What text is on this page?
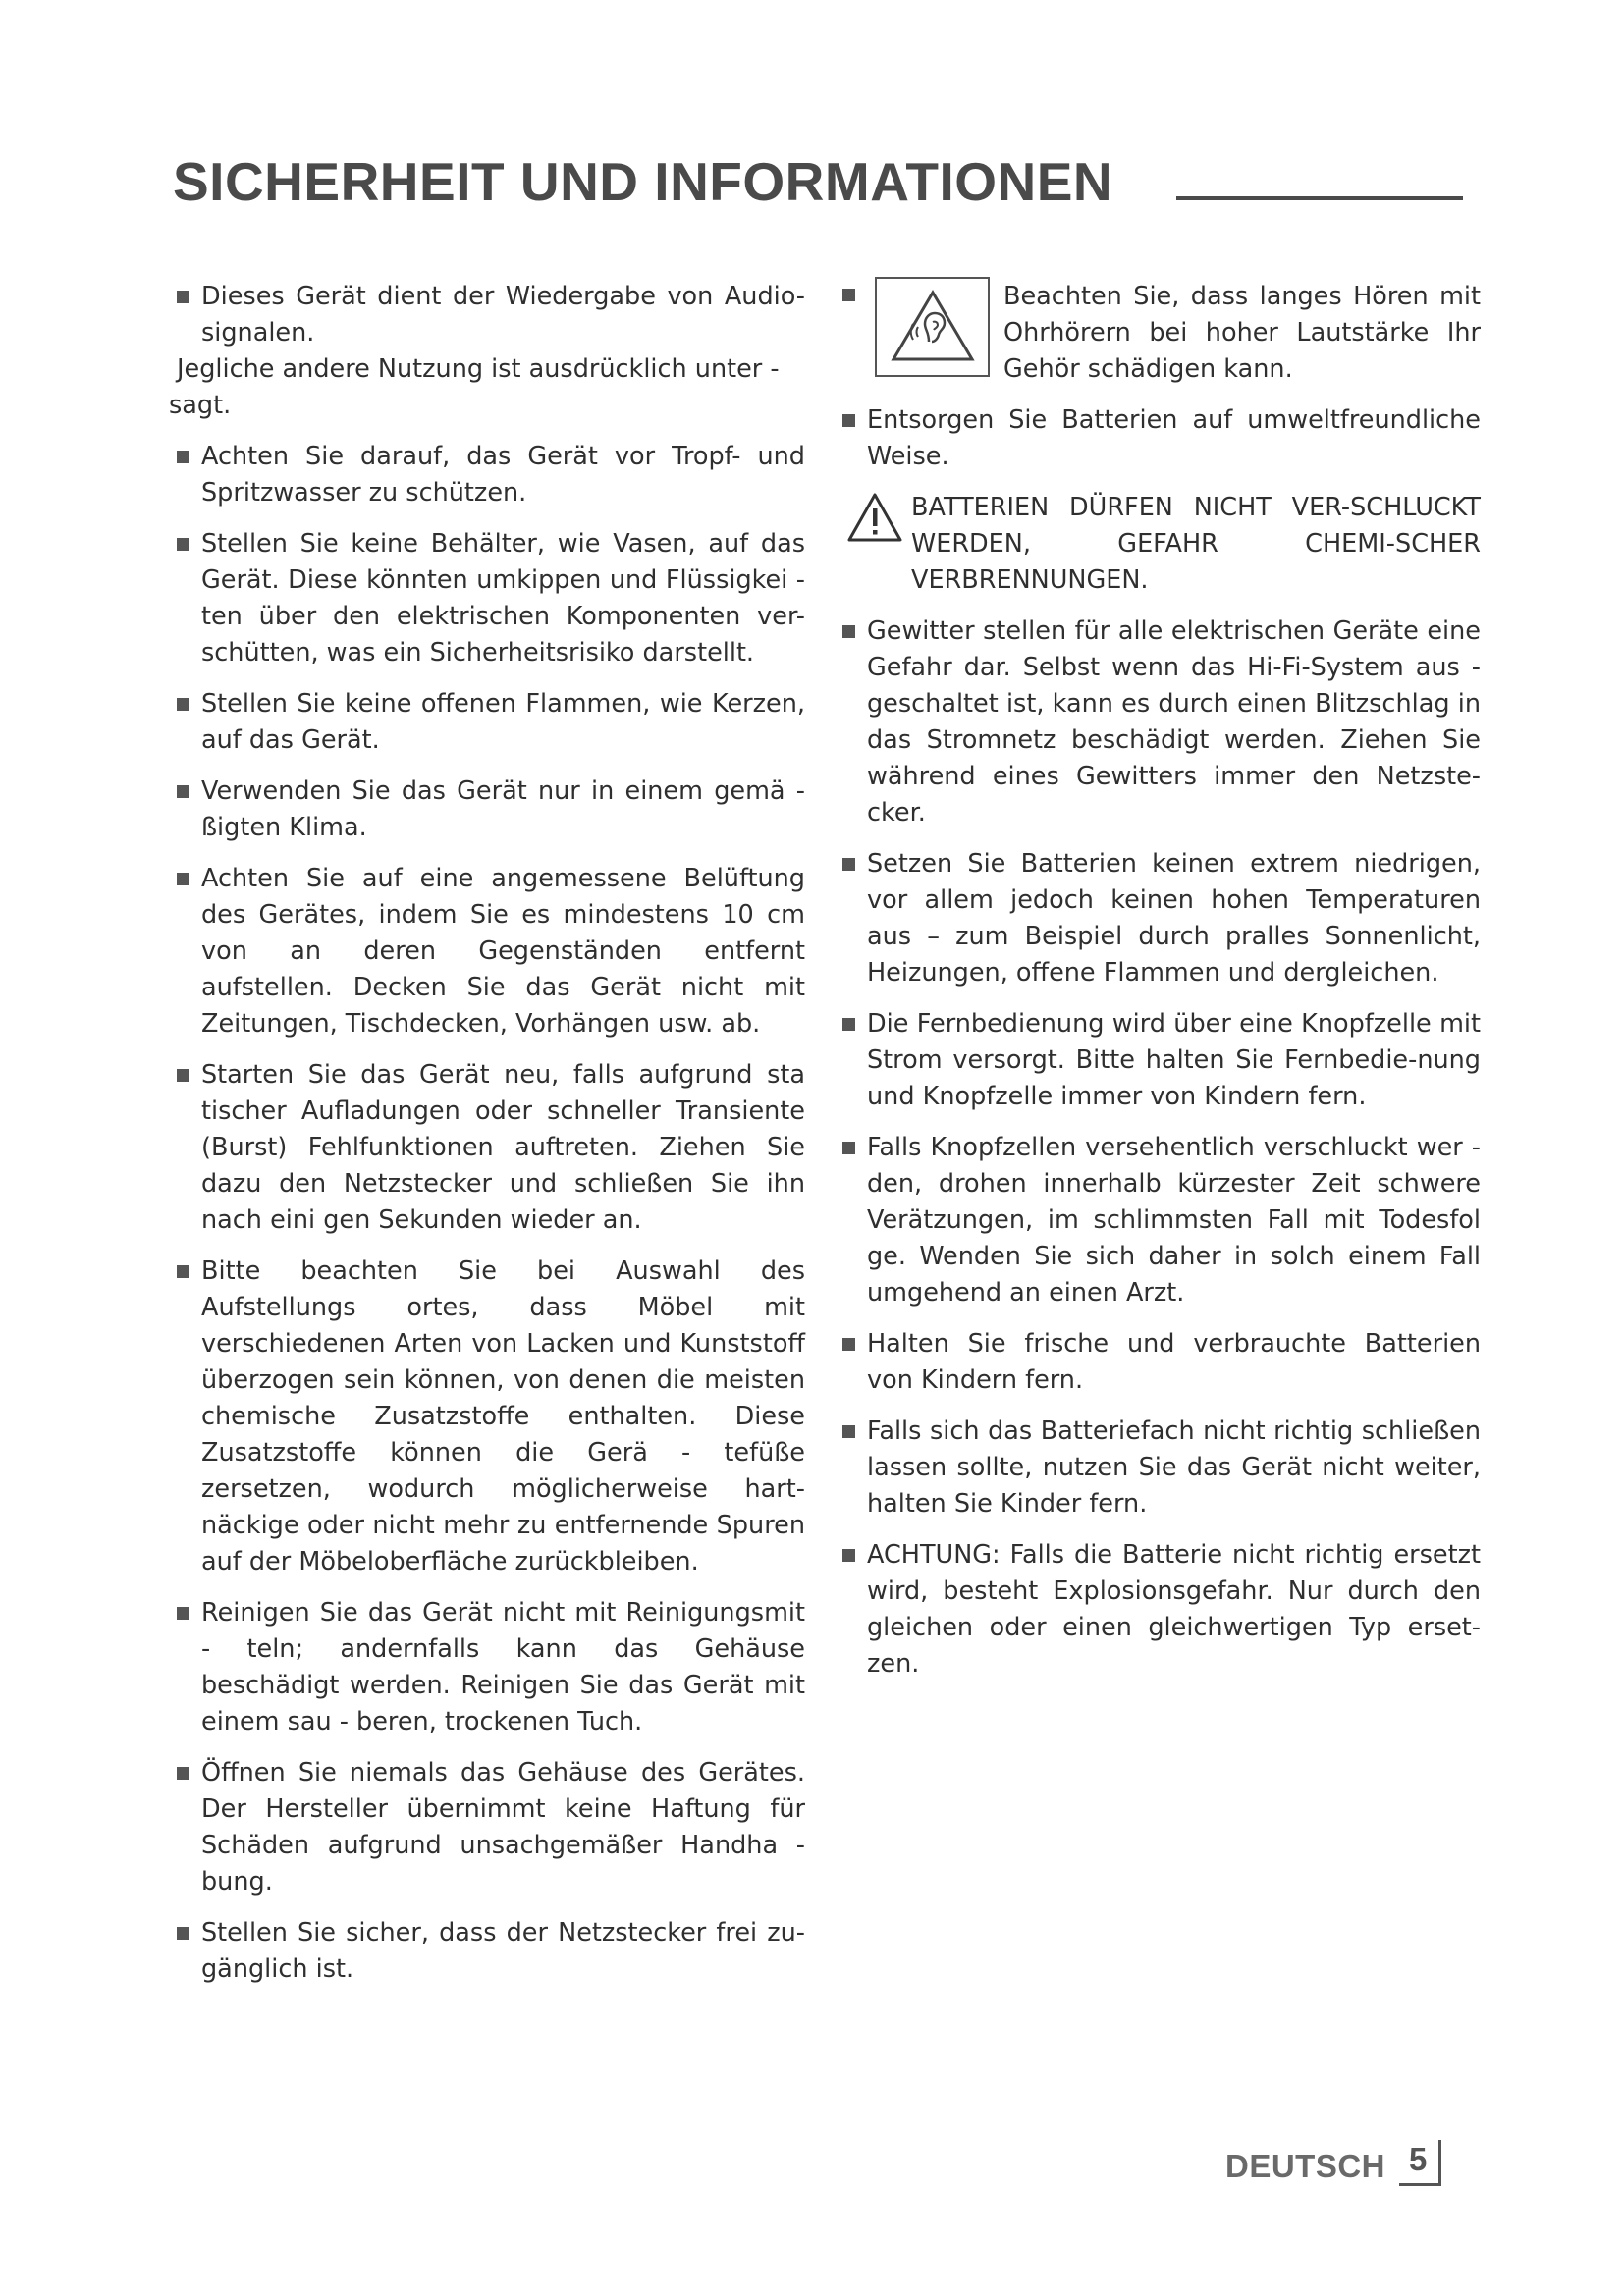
SICHERHEIT UND INFORMATIONEN
Dieses Gerät dient der Wiedergabe von Audio-signalen.
Jegliche andere Nutzung ist ausdrücklich unter -
sagt.
Achten Sie darauf, das Gerät vor Tropf- und Spritzwasser zu schützen.
Stellen Sie keine Behälter, wie Vasen, auf das Gerät. Diese könnten umkippen und Flüssigkei - ten über den elektrischen Komponenten ver-schütten, was ein Sicherheitsrisiko darstellt.
Stellen Sie keine offenen Flammen, wie Kerzen, auf das Gerät.
Verwenden Sie das Gerät nur in einem gemä - ßigten Klima.
Achten Sie auf eine angemessene Belüftung des Gerätes, indem Sie es mindestens 10 cm von an deren Gegenständen entfernt aufstellen. Decken Sie das Gerät nicht mit Zeitungen, Tischdecken, Vorhängen usw. ab.
Starten Sie das Gerät neu, falls aufgrund sta tischer Aufladungen oder schneller Transiente (Burst) Fehlfunktionen auftreten. Ziehen Sie dazu den Netzstecker und schließen Sie ihn nach eini gen Sekunden wieder an.
Bitte beachten Sie bei Auswahl des Aufstellungs ortes, dass Möbel mit verschiedenen Arten von Lacken und Kunststoff überzogen sein können, von denen die meisten chemische Zusatzstoffe enthalten. Diese Zusatzstoffe können die Gerä - tefüße zersetzen, wodurch möglicherweise hart-näckige oder nicht mehr zu entfernende Spuren auf der Möbeloberfläche zurückbleiben.
Reinigen Sie das Gerät nicht mit Reinigungsmit - teln; andernfalls kann das Gehäuse beschädigt werden. Reinigen Sie das Gerät mit einem sau - beren, trockenen Tuch.
Öffnen Sie niemals das Gehäuse des Gerätes. Der Hersteller übernimmt keine Haftung für Schäden aufgrund unsachgemäßer Handha - bung.
Stellen Sie sicher, dass der Netzstecker frei zu-gänglich ist.
Beachten Sie, dass langes Hören mit Ohrhörern bei hoher Lautstärke Ihr Gehör schädigen kann.
Entsorgen Sie Batterien auf umweltfreundliche Weise.
BATTERIEN DÜRFEN NICHT VER-SCHLUCKT WERDEN, GEFAHR CHEMI-SCHER VERBRENNUNGEN.
Gewitter stellen für alle elektrischen Geräte eine Gefahr dar. Selbst wenn das Hi-Fi-System aus - geschaltet ist, kann es durch einen Blitzschlag in das Stromnetz beschädigt werden. Ziehen Sie während eines Gewitters immer den Netzste-cker.
Setzen Sie Batterien keinen extrem niedrigen, vor allem jedoch keinen hohen Temperaturen aus – zum Beispiel durch pralles Sonnenlicht, Heizungen, offene Flammen und dergleichen.
Die Fernbedienung wird über eine Knopfzelle mit Strom versorgt. Bitte halten Sie Fernbedie-nung und Knopfzelle immer von Kindern fern.
Falls Knopfzellen versehentlich verschluckt wer - den, drohen innerhalb kürzester Zeit schwere Verätzungen, im schlimmsten Fall mit Todesfol ge. Wenden Sie sich daher in solch einem Fall umgehend an einen Arzt.
Halten Sie frische und verbrauchte Batterien von Kindern fern.
Falls sich das Batteriefach nicht richtig schließen lassen sollte, nutzen Sie das Gerät nicht weiter, halten Sie Kinder fern.
ACHTUNG: Falls die Batterie nicht richtig ersetzt wird, besteht Explosionsgefahr. Nur durch den gleichen oder einen gleichwertigen Typ erset-zen.
DEUTSCH 5
